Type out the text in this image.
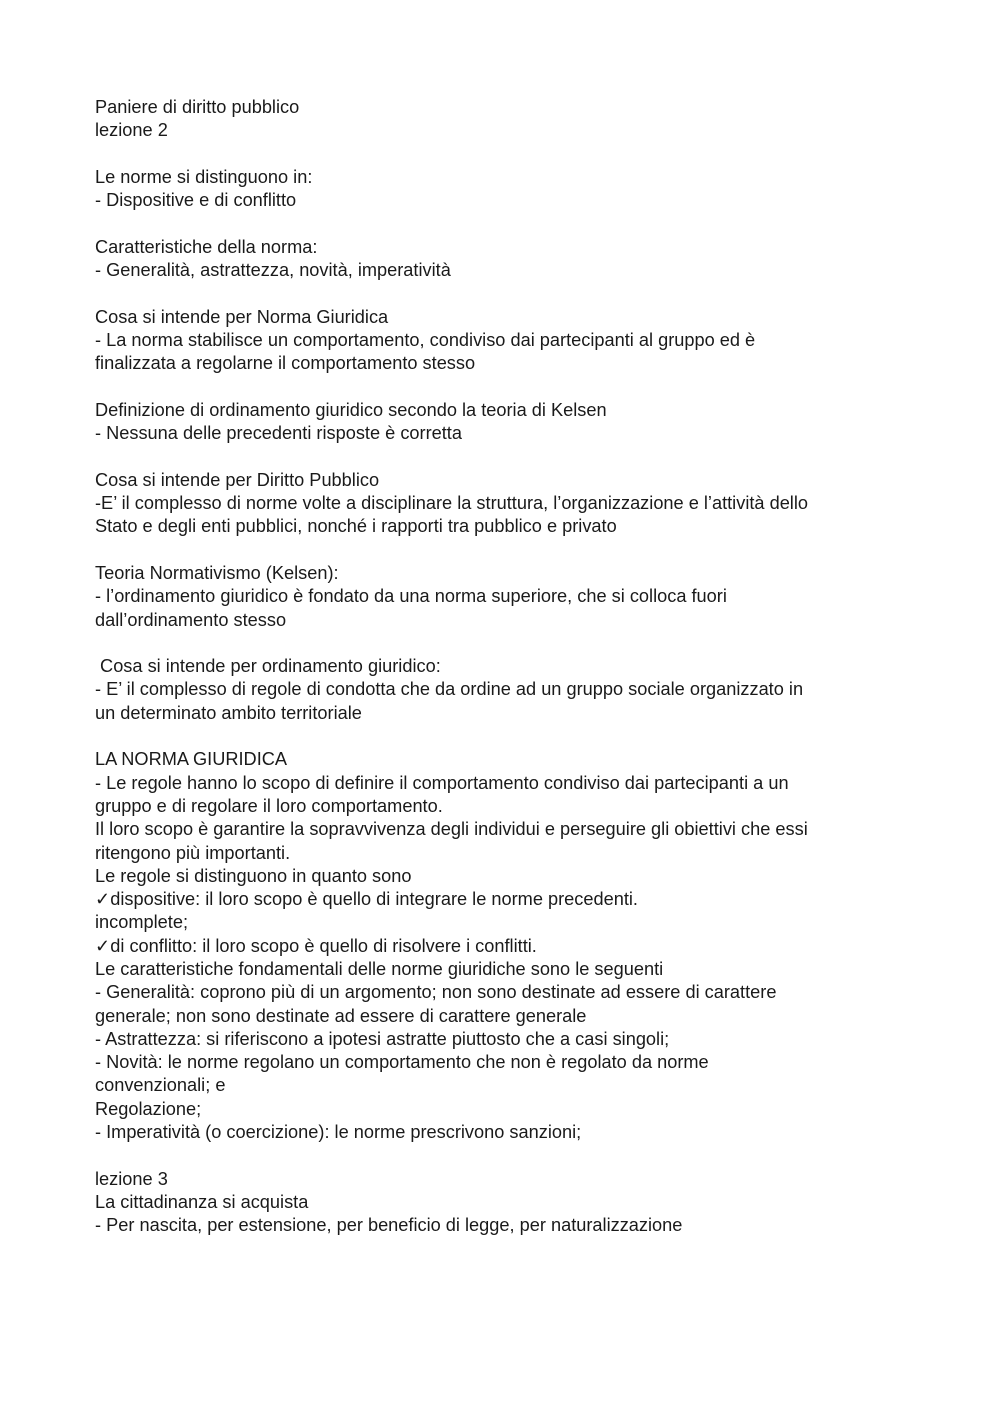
Paniere di diritto pubblico
lezione 2
Le norme si distinguono in:
- Dispositive e di conflitto
Caratteristiche della norma:
- Generalità, astrattezza, novità, imperatività
Cosa si intende per Norma Giuridica
- La norma stabilisce un comportamento, condiviso dai partecipanti al gruppo ed è
finalizzata a regolarne il comportamento stesso
Definizione di ordinamento giuridico secondo la teoria di Kelsen
- Nessuna delle precedenti risposte è corretta
Cosa si intende per Diritto Pubblico
-E’ il complesso di norme volte a disciplinare la struttura, l’organizzazione e l’attività dello
Stato e degli enti pubblici, nonché i rapporti tra pubblico e privato
Teoria Normativismo (Kelsen):
- l’ordinamento giuridico è fondato da una norma superiore, che si colloca fuori
dall’ordinamento stesso
Cosa si intende per ordinamento giuridico:
- E’ il complesso di regole di condotta che da ordine ad un gruppo sociale organizzato in
un determinato ambito territoriale
LA NORMA GIURIDICA
- Le regole hanno lo scopo di definire il comportamento condiviso dai partecipanti a un
gruppo e di regolare il loro comportamento.
Il loro scopo è garantire la sopravvivenza degli individui e perseguire gli obiettivi che essi
ritengono più importanti.
Le regole si distinguono in quanto sono
✓dispositive: il loro scopo è quello di integrare le norme precedenti.
incomplete;
✓di conflitto: il loro scopo è quello di risolvere i conflitti.
Le caratteristiche fondamentali delle norme giuridiche sono le seguenti
- Generalità: coprono più di un argomento; non sono destinate ad essere di carattere
generale; non sono destinate ad essere di carattere generale
- Astrattezza: si riferiscono a ipotesi astratte piuttosto che a casi singoli;
- Novità: le norme regolano un comportamento che non è regolato da norme
convenzionali; e
Regolazione;
- Imperatività (o coercizione): le norme prescrivono sanzioni;
lezione 3
La cittadinanza si acquista
- Per nascita, per estensione, per beneficio di legge, per naturalizzazione
